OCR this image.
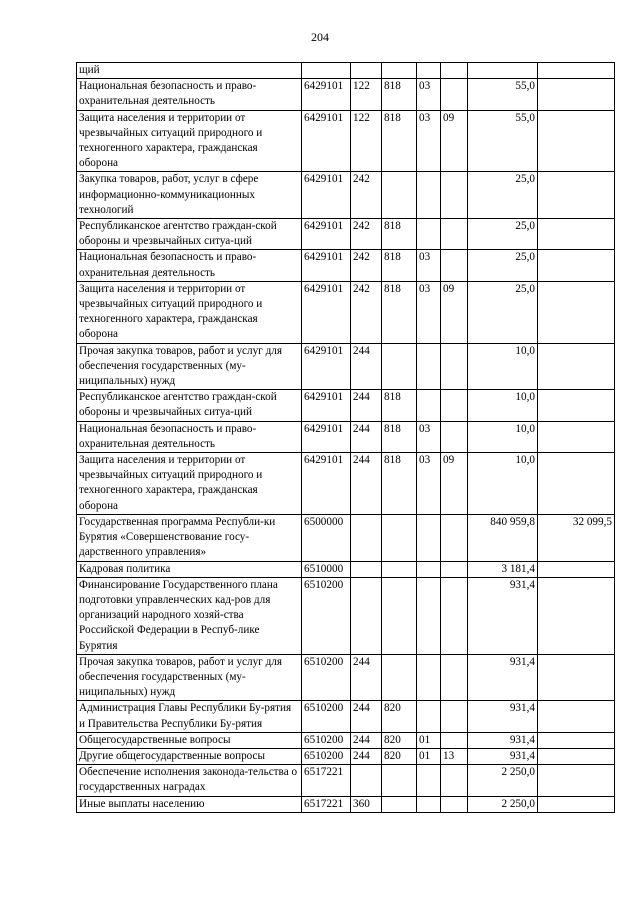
204
щий							
Национальная безопасность и право-охранительная деятельность	6429101	122	818	03		55,0	
Защита населения и территории от чрезвычайных ситуаций природного и техногенного характера, гражданская оборона	6429101	122	818	03	09	55,0	
Закупка товаров, работ, услуг в сфере информационно-коммуникационных технологий	6429101	242				25,0	
Республиканское агентство граждан-ской обороны и чрезвычайных ситуа-ций	6429101	242	818			25,0	
Национальная безопасность и право-охранительная деятельность	6429101	242	818	03		25,0	
Защита населения и территории от чрезвычайных ситуаций природного и техногенного характера, гражданская оборона	6429101	242	818	03	09	25,0	
Прочая закупка товаров, работ и услуг для обеспечения государственных (му-ниципальных) нужд	6429101	244				10,0	
Республиканское агентство граждан-ской обороны и чрезвычайных ситуа-ций	6429101	244	818			10,0	
Национальная безопасность и право-охранительная деятельность	6429101	244	818	03		10,0	
Защита населения и территории от чрезвычайных ситуаций природного и техногенного характера, гражданская оборона	6429101	244	818	03	09	10,0	
Государственная программа Республи-ки Бурятия «Совершенствование госу-дарственного управления»	6500000					840 959,8	32 099,5
Кадровая политика	6510000					3 181,4	
Финансирование Государственного плана подготовки управленческих кад-ров для организаций народного хозяй-ства Российской Федерации в Респуб-лике Бурятия	6510200					931,4	
Прочая закупка товаров, работ и услуг для обеспечения государственных (му-ниципальных) нужд	6510200	244				931,4	
Администрация Главы Республики Бу-рятия и Правительства Республики Бу-рятия	6510200	244	820			931,4	
Общегосударственные вопросы	6510200	244	820	01		931,4	
Другие общегосударственные вопросы	6510200	244	820	01	13	931,4	
Обеспечение исполнения законода-тельства о государственных наградах	6517221					2 250,0	
Иные выплаты населению	6517221	360				2 250,0	
